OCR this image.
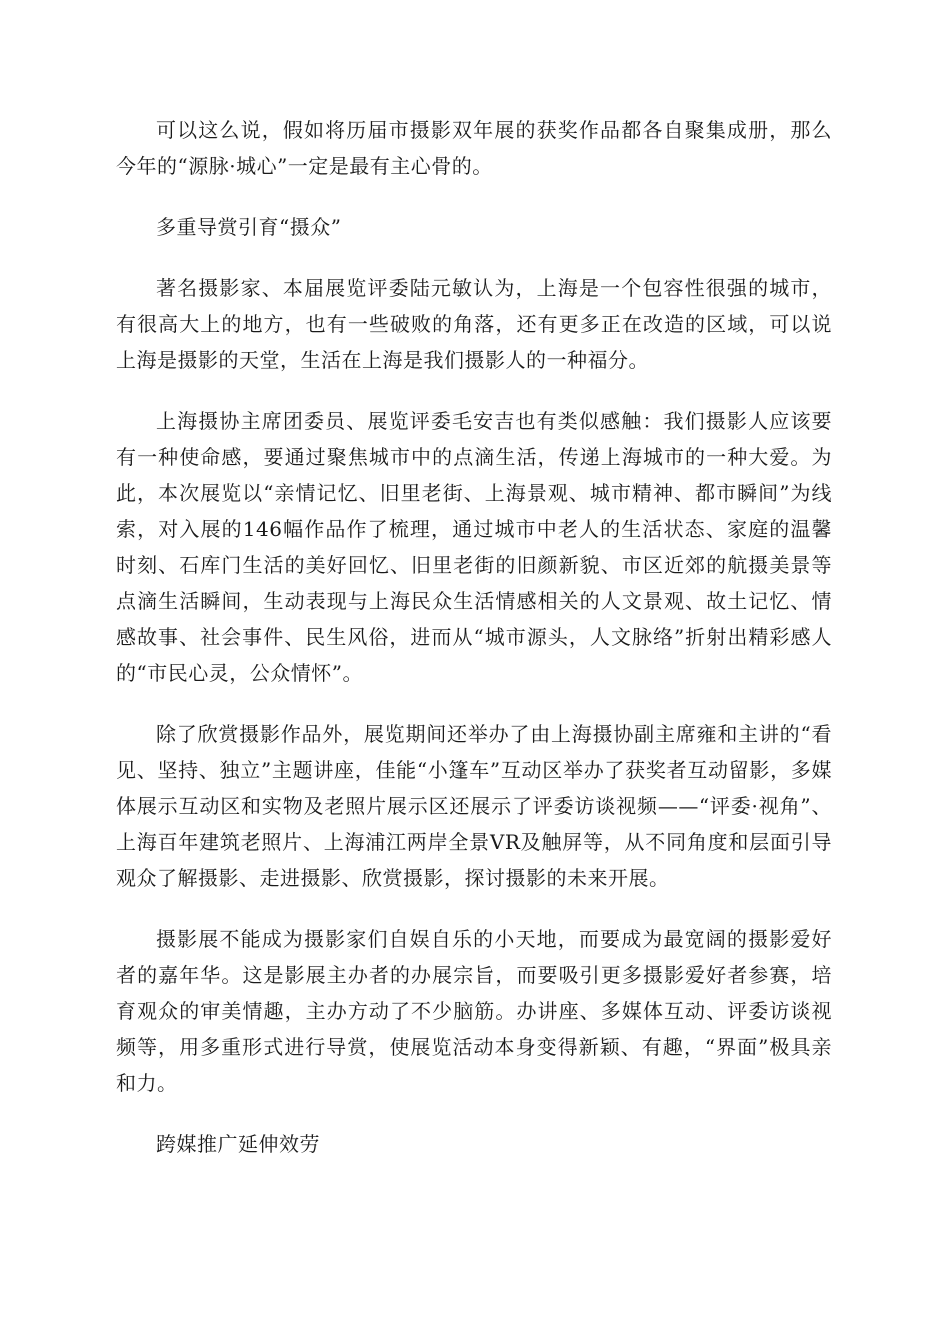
可以这么说，假如将历届市摄影双年展的获奖作品都各自聚集成册，那么今年的“源脉·城心”一定是最有主心骨的。

多重导赏引育“摄众”

著名摄影家、本届展览评委陆元敏认为，上海是一个包容性很强的城市，有很高大上的地方，也有一些破败的角落，还有更多正在改造的区域，可以说上海是摄影的天堂，生活在上海是我们摄影人的一种福分。

上海摄协主席团委员、展览评委毛安吉也有类似感触：我们摄影人应该要有一种使命感，要通过聚焦城市中的点滴生活，传递上海城市的一种大爱。为此，本次展览以“亲情记忆、旧里老街、上海景观、城市精神、都市瞬间”为线索，对入展的146幅作品作了梳理，通过城市中老人的生活状态、家庭的温馨时刻、石库门生活的美好回忆、旧里老街的旧颜新貌、市区近郊的航摄美景等点滴生活瞬间，生动表现与上海民众生活情感相关的人文景观、故土记忆、情感故事、社会事件、民生风俗，进而从“城市源头，人文脉络”折射出精彩感人的“市民心灵，公众情怀”。

除了欣赏摄影作品外，展览期间还举办了由上海摄协副主席雍和主讲的“看见、坚持、独立”主题讲座，佳能“小篷车”互动区举办了获奖者互动留影，多媒体展示互动区和实物及老照片展示区还展示了评委访谈视频——“评委·视角”、上海百年建筑老照片、上海浦江两岸全景VR及触屏等，从不同角度和层面引导观众了解摄影、走进摄影、欣赏摄影，探讨摄影的未来开展。

摄影展不能成为摄影家们自娱自乐的小天地，而要成为最宽阔的摄影爱好者的嘉年华。这是影展主办者的办展宗旨，而要吸引更多摄影爱好者参赛，培育观众的审美情趣，主办方动了不少脑筋。办讲座、多媒体互动、评委访谈视频等，用多重形式进行导赏，使展览活动本身变得新颖、有趣，“界面”极具亲和力。

跨媒推广延伸效劳
